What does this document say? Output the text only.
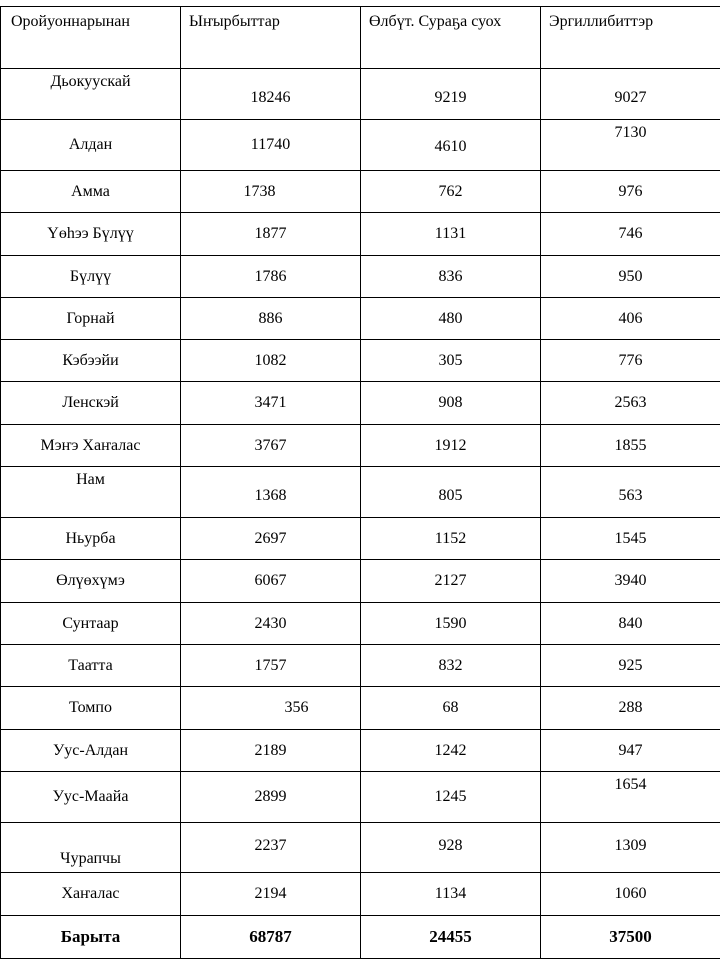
Оройуоннарынан	Ыҥырбыттар	Өлбүт. Сураҕа суох	Эргиллибиттэр
Дьокуускай	18246	9219	9027
Алдан	11740	4610	7130
Амма	1738	762	976
Үөһээ Бүлүү	1877	1131	746
Бүлүү	1786	836	950
Горнай	886	480	406
Кэбээйи	1082	305	776
Ленскэй	3471	908	2563
Мэҥэ Хаҥалас	3767	1912	1855
Нам	1368	805	563
Ньурба	2697	1152	1545
Өлүөхүмэ	6067	2127	3940
Сунтаар	2430	1590	840
Таатта	1757	832	925
Томпо	356	68	288
Уус-Алдан	2189	1242	947
Уус-Маайа	2899	1245	1654
Чурапчы	2237	928	1309
Хаҥалас	2194	1134	1060
Барыта	68787	24455	37500
